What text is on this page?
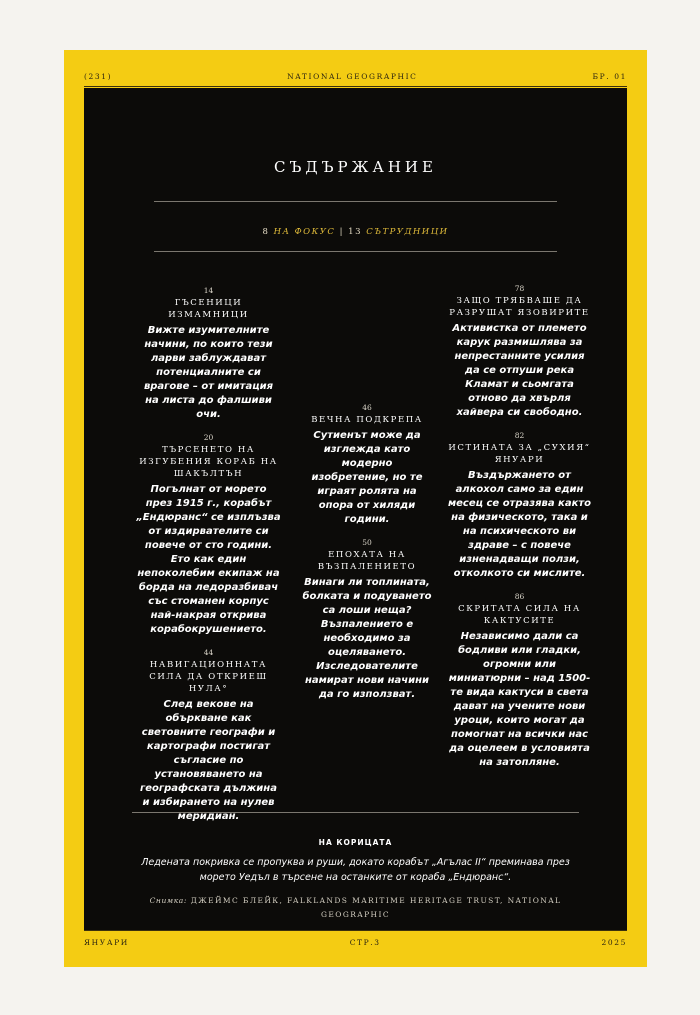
(231)	NATIONAL GEOGRAPHIC	БР. 01
СЪДЪРЖАНИЕ
8 НА ФОКУС | 13 СЪТРУДНИЦИ
14
ГЪСЕНИЦИ ИЗМАМНИЦИ
Вижте изумителните начини, по които тези ларви заблуждават потенциалните си врагове – от имитация на листа до фалшиви очи.
20
ТЪРСЕНЕТО НА ИЗГУБЕНИЯ КОРАБ НА ШАКЪЛТЪН
Погълнат от морето през 1915 г., корабът „Ендюранс“ се изплъзва от издирвателите си повече от сто години. Ето как един непоколебим екипаж на борда на ледоразбивач със стоманен корпус най-накрая открива корабокрушението.
44
НАВИГАЦИОННАТА СИЛА ДА ОТКРИЕШ НУЛА°
След векове на объркване как световните географи и картографи постигат съгласие по установяването на географската дължина и избирането на нулев меридиан.
46
ВЕЧНА ПОДКРЕПА
Сутиенът може да изглежда като модерно изобретение, но те играят ролята на опора от хиляди години.
50
ЕПОХАТА НА ВЪЗПАЛЕНИЕТО
Винаги ли топлината, болката и подуването са лоши неща? Възпалението е необходимо за оцеляването. Изследователите намират нови начини да го използват.
78
ЗАЩО ТРЯБВАШЕ ДА РАЗРУШАТ ЯЗОВИРИТЕ
Активистка от племето карук размишлява за непрестанните усилия да се отпуши река Кламат и сьомгата отново да хвърля хайвера си свободно.
82
ИСТИНАТА ЗА „СУХИЯ“ ЯНУАРИ
Въздържането от алкохол само за един месец се отразява както на физическото, така и на психическото ви здраве – с повече изненадващи ползи, отколкото си мислите.
86
СКРИТАТА СИЛА НА КАКТУСИТЕ
Независимо дали са бодливи или гладки, огромни или миниатюрни – над 1500-те вида кактуси в света дават на учените нови уроци, които могат да помогнат на всички нас да оцелеем в условията на затопляне.
НА КОРИЦАТА
Ледената покривка се пропуква и руши, докато корабът „Агълас II“ преминава през морето Уедъл в търсене на останките от кораба „Ендюранс“.
Снимка: ДЖЕЙМС БЛЕЙК, FALKLANDS MARITIME HERITAGE TRUST, NATIONAL GEOGRAPHIC
ЯНУАРИ	СТР.3	2025
